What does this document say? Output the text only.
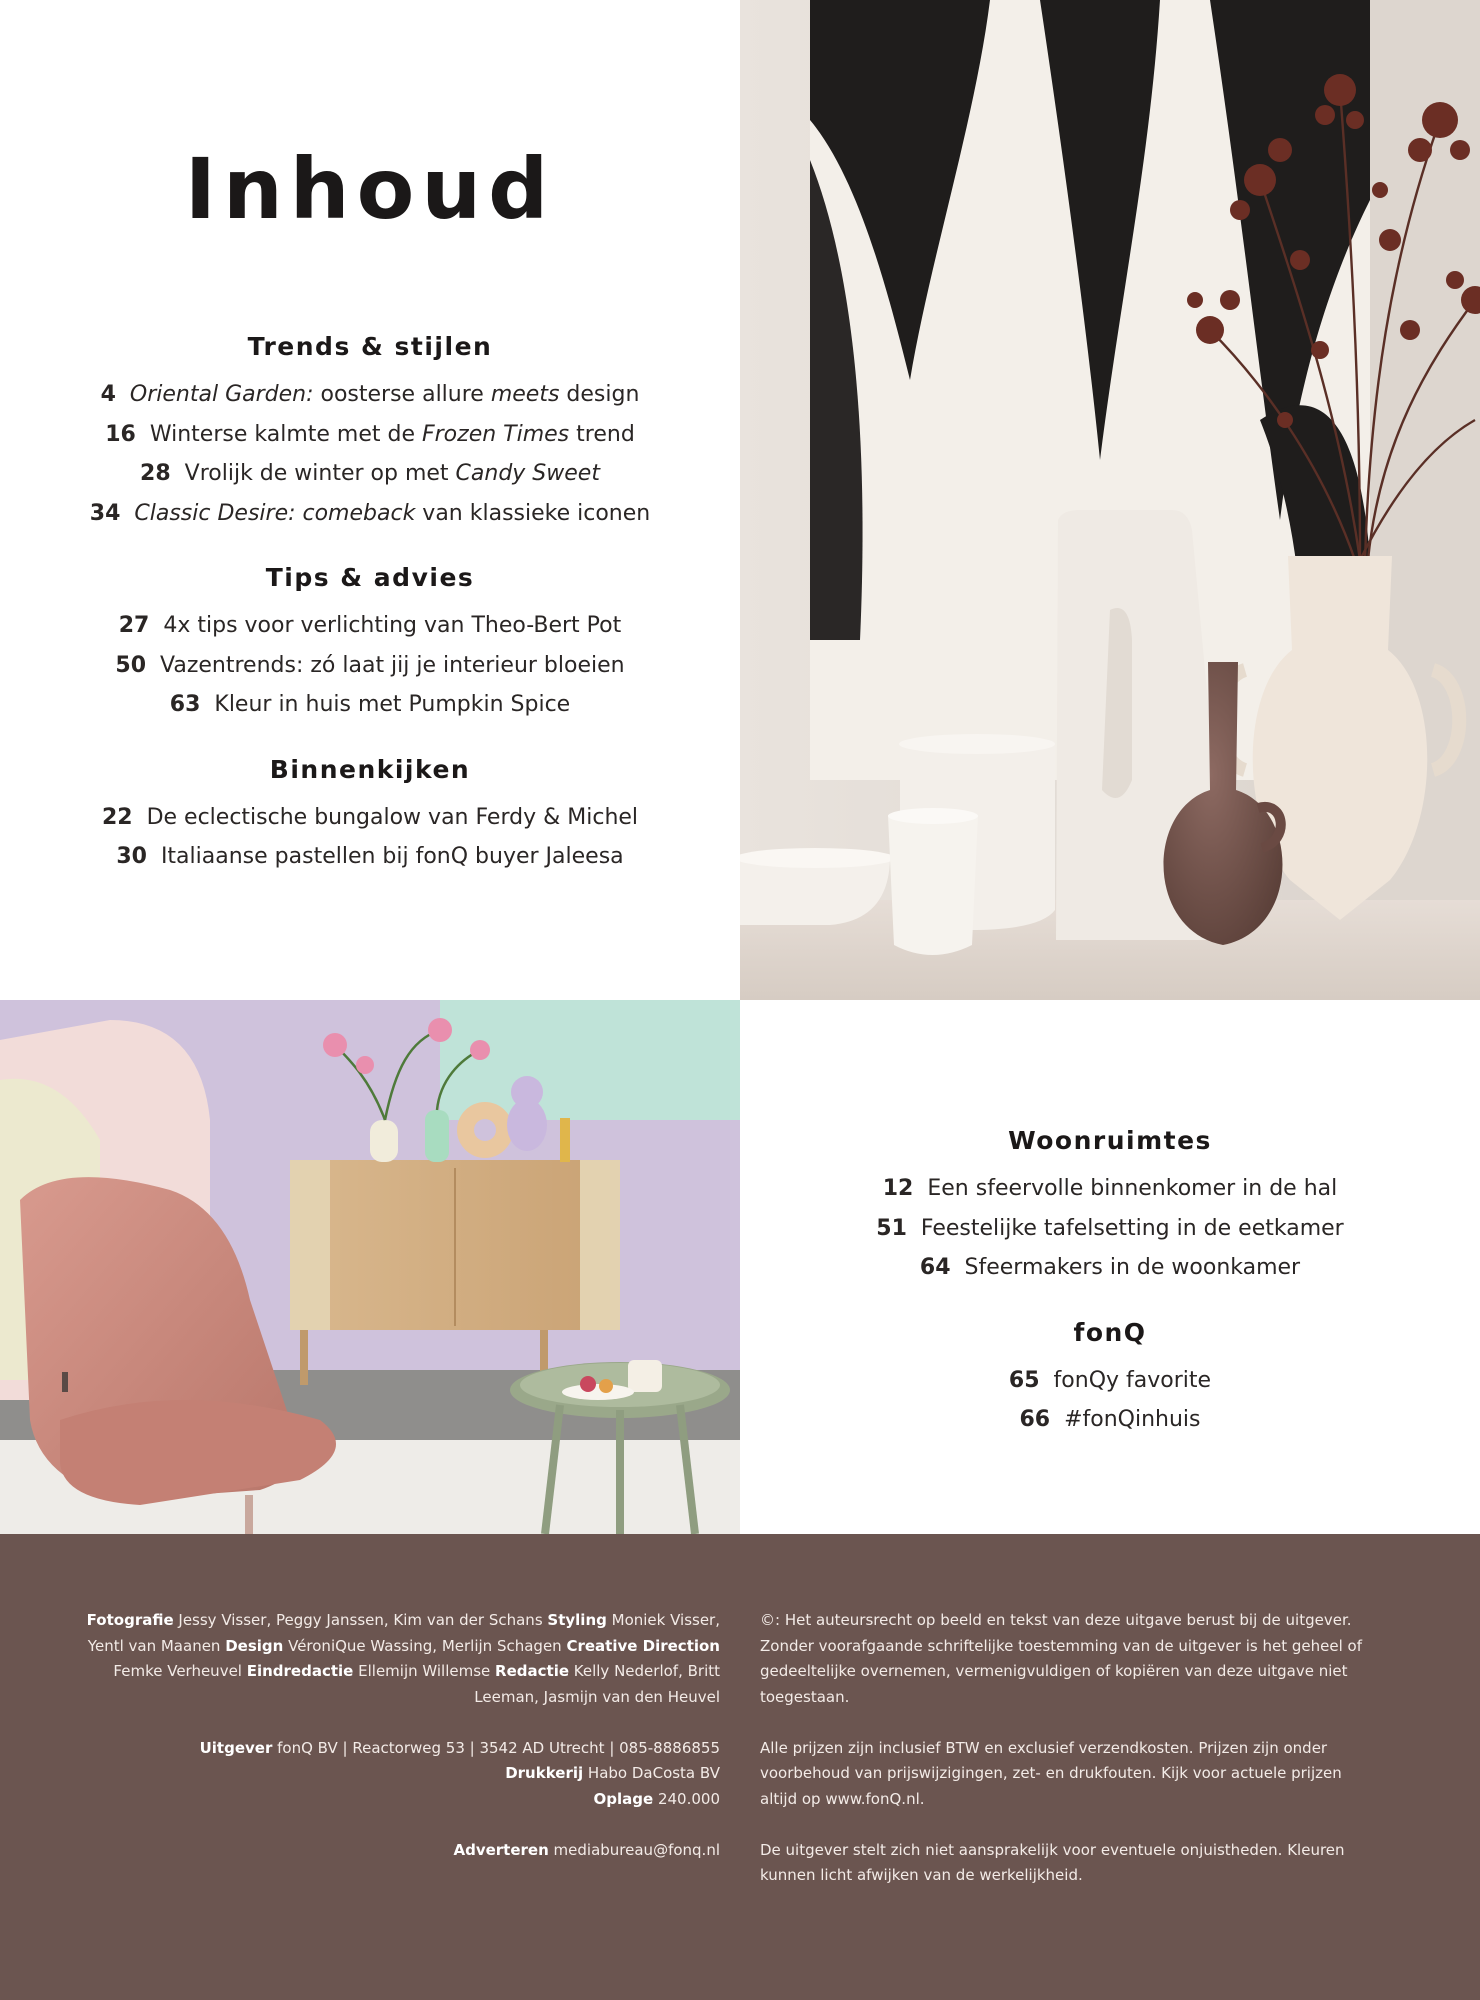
Inhoud
Trends & stijlen
4 Oriental Garden: oosterse allure meets design
16 Winterse kalmte met de Frozen Times trend
28 Vrolijk de winter op met Candy Sweet
34 Classic Desire: comeback van klassieke iconen
Tips & advies
27 4x tips voor verlichting van Theo-Bert Pot
50 Vazentrends: zó laat jij je interieur bloeien
63 Kleur in huis met Pumpkin Spice
Binnenkijken
22 De eclectische bungalow van Ferdy & Michel
30 Italiaanse pastellen bij fonQ buyer Jaleesa
Woonruimtes
12 Een sfeervolle binnenkomer in de hal
51 Feestelijke tafelsetting in de eetkamer
64 Sfeermakers in de woonkamer
fonQ
65 fonQy favorite
66 #fonQinhuis

Fotografie Jessy Visser, Peggy Janssen, Kim van der Schans Styling Moniek Visser, Yentl van Maanen Design VéroniQue Wassing, Merlijn Schagen Creative Direction Femke Verheuvel Eindredactie Ellemijn Willemse Redactie Kelly Nederlof, Britt Leeman, Jasmijn van den Heuvel

Uitgever fonQ BV | Reactorweg 53 | 3542 AD Utrecht | 085-8886855
Drukkerij Habo DaCosta BV
Oplage 240.000

Adverteren mediabureau@fonq.nl

©: Het auteursrecht op beeld en tekst van deze uitgave berust bij de uitgever. Zonder voorafgaande schriftelijke toestemming van de uitgever is het geheel of gedeeltelijke overnemen, vermenigvuldigen of kopiëren van deze uitgave niet toegestaan.

Alle prijzen zijn inclusief BTW en exclusief verzendkosten. Prijzen zijn onder voorbehoud van prijswijzigingen, zet- en drukfouten. Kijk voor actuele prijzen altijd op www.fonQ.nl.

De uitgever stelt zich niet aansprakelijk voor eventuele onjuistheden. Kleuren kunnen licht afwijken van de werkelijkheid.
